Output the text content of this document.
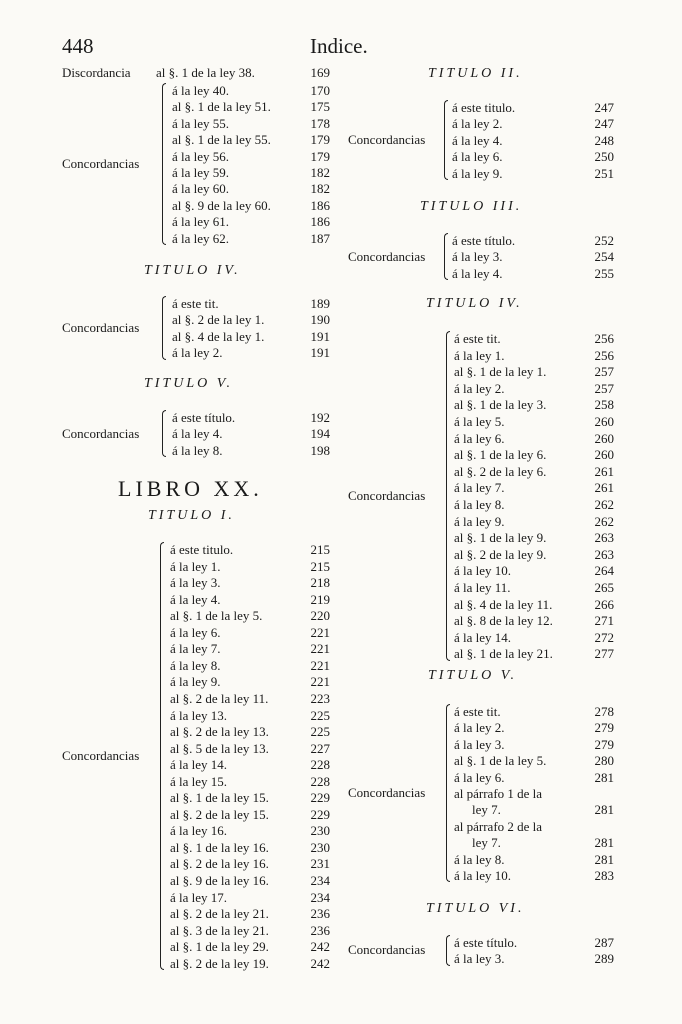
448	Indice.
Discordancia al §. 1 de la ley 38.	169
á la ley 40.	170
al §. 1 de la ley 51.	175
á la ley 55.	178
al §. 1 de la ley 55.	179
á la ley 56.	179
á la ley 59.	182
á la ley 60.	182
al §. 9 de la ley 60.	186
á la ley 61.	186
á la ley 62.	187
Concordancias
TITULO IV.
á este tit.	189
al §. 2 de la ley 1.	190
al §. 4 de la ley 1.	191
á la ley 2.	191
Concordancias
TITULO V.
á este título.	192
á la ley 4.	194
á la ley 8.	198
Concordancias
LIBRO XX.
TITULO I.
á este titulo.	215
á la ley 1.	215
á la ley 3.	218
á la ley 4.	219
al §. 1 de la ley 5.	220
á la ley 6.	221
á la ley 7.	221
á la ley 8.	221
á la ley 9.	221
al §. 2 de la ley 11.	223
á la ley 13.	225
al §. 2 de la ley 13.	225
al §. 5 de la ley 13.	227
á la ley 14.	228
á la ley 15.	228
al §. 1 de la ley 15.	229
al §. 2 de la ley 15.	229
á la ley 16.	230
al §. 1 de la ley 16.	230
al §. 2 de la ley 16.	231
al §. 9 de la ley 16.	234
á la ley 17.	234
al §. 2 de la ley 21.	236
al §. 3 de la ley 21.	236
al §. 1 de la ley 29.	242
al §. 2 de la ley 19.	242
Concordancias
TITULO II.
á este titulo.	247
á la ley 2.	247
á la ley 4.	248
á la ley 6.	250
á la ley 9.	251
Concordancias
TITULO III.
á este título.	252
á la ley 3.	254
á la ley 4.	255
Concordancias
TITULO IV.
á este tit.	256
á la ley 1.	256
al §. 1 de la ley 1.	257
á la ley 2.	257
al §. 1 de la ley 3.	258
á la ley 5.	260
á la ley 6.	260
al §. 1 de la ley 6.	260
al §. 2 de la ley 6.	261
á la ley 7.	261
á la ley 8.	262
á la ley 9.	262
al §. 1 de la ley 9.	263
al §. 2 de la ley 9.	263
á la ley 10.	264
á la ley 11.	265
al §. 4 de la ley 11.	266
al §. 8 de la ley 12.	271
á la ley 14.	272
al §. 1 de la ley 21.	277
Concordancias
TITULO V.
á este tit.	278
á la ley 2.	279
á la ley 3.	279
al §. 1 de la ley 5.	280
á la ley 6.	281
al párrafo 1 de la
ley 7.	281
al párrafo 2 de la
ley 7.	281
á la ley 8.	281
á la ley 10.	283
Concordancias
TITULO VI.
á este título.	287
á la ley 3.	289
Concordancias
